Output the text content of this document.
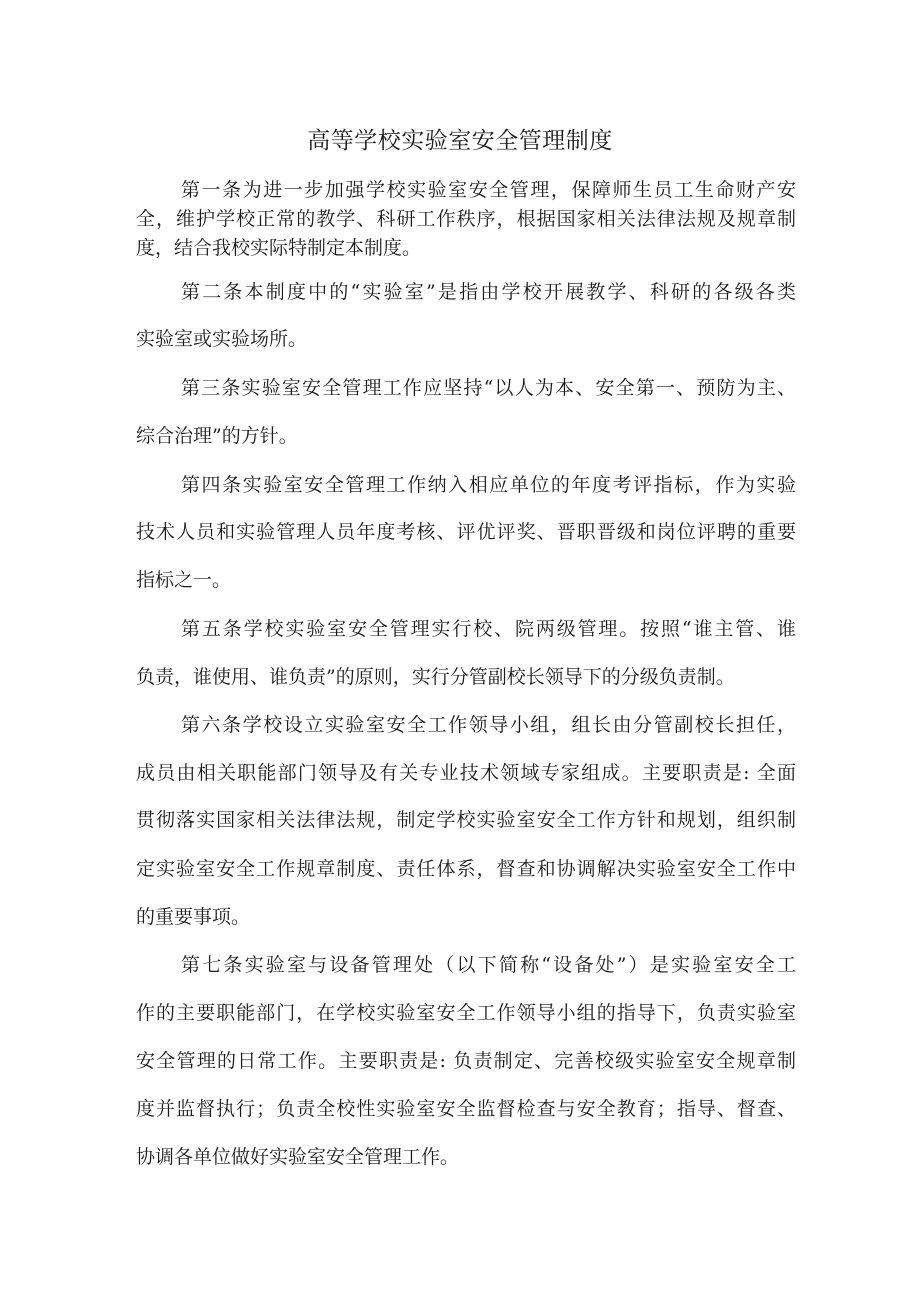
高等学校实验室安全管理制度
第一条为进一步加强学校实验室安全管理，保障师生员工生命财产安
全，维护学校正常的教学、科研工作秩序，根据国家相关法律法规及规章制
度，结合我校实际特制定本制度。
第二条本制度中的“实验室”是指由学校开展教学、科研的各级各类
实验室或实验场所。
第三条实验室安全管理工作应坚持“以人为本、安全第一、预防为主、
综合治理”的方针。
第四条实验室安全管理工作纳入相应单位的年度考评指标，作为实验
技术人员和实验管理人员年度考核、评优评奖、晋职晋级和岗位评聘的重要
指标之一。
第五条学校实验室安全管理实行校、院两级管理。按照“谁主管、谁
负责，谁使用、谁负责”的原则，实行分管副校长领导下的分级负责制。
第六条学校设立实验室安全工作领导小组，组长由分管副校长担任，
成员由相关职能部门领导及有关专业技术领域专家组成。主要职责是: 全面
贯彻落实国家相关法律法规，制定学校实验室安全工作方针和规划，组织制
定实验室安全工作规章制度、责任体系，督查和协调解决实验室安全工作中
的重要事项。
第七条实验室与设备管理处（以下简称“设备处”）是实验室安全工
作的主要职能部门，在学校实验室安全工作领导小组的指导下，负责实验室
安全管理的日常工作。主要职责是: 负责制定、完善校级实验室安全规章制
度并监督执行；负责全校性实验室安全监督检查与安全教育；指导、督查、
协调各单位做好实验室安全管理工作。
